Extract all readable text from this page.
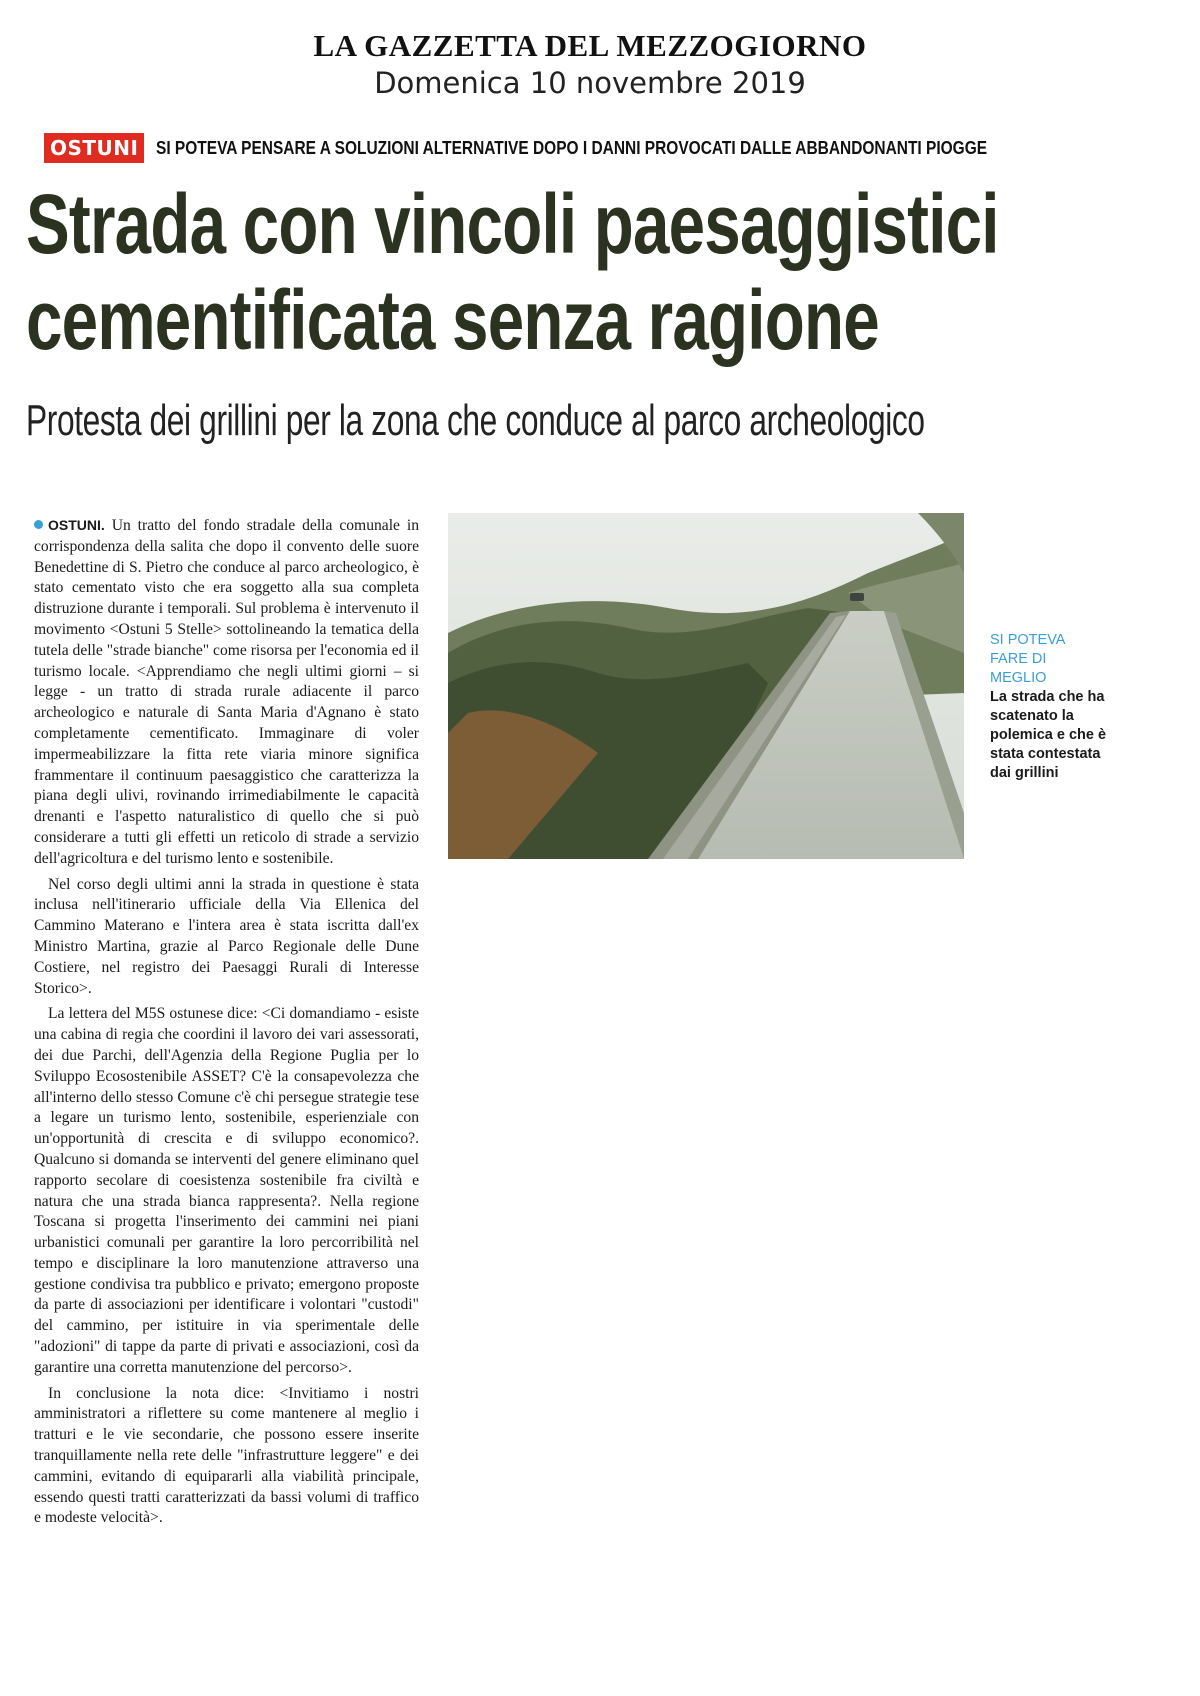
LA GAZZETTA DEL MEZZOGIORNO
Domenica 10 novembre 2019
OSTUNI	SI POTEVA PENSARE A SOLUZIONI ALTERNATIVE DOPO I DANNI PROVOCATI DALLE ABBANDONANTI PIOGGE
Strada con vincoli paesaggistici
cementificata senza ragione
Protesta dei grillini per la zona che conduce al parco archeologico

OSTUNI. Un tratto del fondo stradale della comunale in corrispondenza della salita che dopo il convento delle suore Benedettine di S. Pietro che conduce al parco archeologico, è stato cementato visto che era soggetto alla sua completa distruzione durante i temporali. Sul problema è intervenuto il movimento <Ostuni 5 Stelle> sottolineando la tematica della tutela delle "strade bianche" come risorsa per l'economia ed il turismo locale. <Apprendiamo che negli ultimi giorni – si legge - un tratto di strada rurale adiacente il parco archeologico e naturale di Santa Maria d'Agnano è stato completamente cementificato. Immaginare di voler impermeabilizzare la fitta rete viaria minore significa frammentare il continuum paesaggistico che caratterizza la piana degli ulivi, rovinando irrimediabilmente le capacità drenanti e l'aspetto naturalistico di quello che si può considerare a tutti gli effetti un reticolo di strade a servizio dell'agricoltura e del turismo lento e sostenibile.

Nel corso degli ultimi anni la strada in questione è stata inclusa nell'itinerario ufficiale della Via Ellenica del Cammino Materano e l'intera area è stata iscritta dall'ex Ministro Martina, grazie al Parco Regionale delle Dune Costiere, nel registro dei Paesaggi Rurali di Interesse Storico>.

La lettera del M5S ostunese dice: <Ci domandiamo - esiste una cabina di regia che coordini il lavoro dei vari assessorati, dei due Parchi, dell'Agenzia della Regione Puglia per lo Sviluppo Ecosostenibile ASSET? C'è la consapevolezza che all'interno dello stesso Comune c'è chi persegue strategie tese a legare un turismo lento, sostenibile, esperienziale con un'opportunità di crescita e di sviluppo economico?. Qualcuno si domanda se interventi del genere eliminano quel rapporto secolare di coesistenza sostenibile fra civiltà e natura che una strada bianca rappresenta?. Nella regione Toscana si progetta l'inserimento dei cammini nei piani urbanistici comunali per garantire la loro percorribilità nel tempo e disciplinare la loro manutenzione attraverso una gestione condivisa tra pubblico e privato; emergono proposte da parte di associazioni per identificare i volontari "custodi" del cammino, per istituire in via sperimentale delle "adozioni" di tappe da parte di privati e associazioni, così da garantire una corretta manutenzione del percorso>.

In conclusione la nota dice: <Invitiamo i nostri amministratori a riflettere su come mantenere al meglio i tratturi e le vie secondarie, che possono essere inserite tranquillamente nella rete delle "infrastrutture leggere" e dei cammini, evitando di equipararli alla viabilità principale, essendo questi tratti caratterizzati da bassi volumi di traffico e modeste velocità>.

SI POTEVA FARE DI MEGLIO
La strada che ha scatenato la polemica e che è stata contestata dai grillini
